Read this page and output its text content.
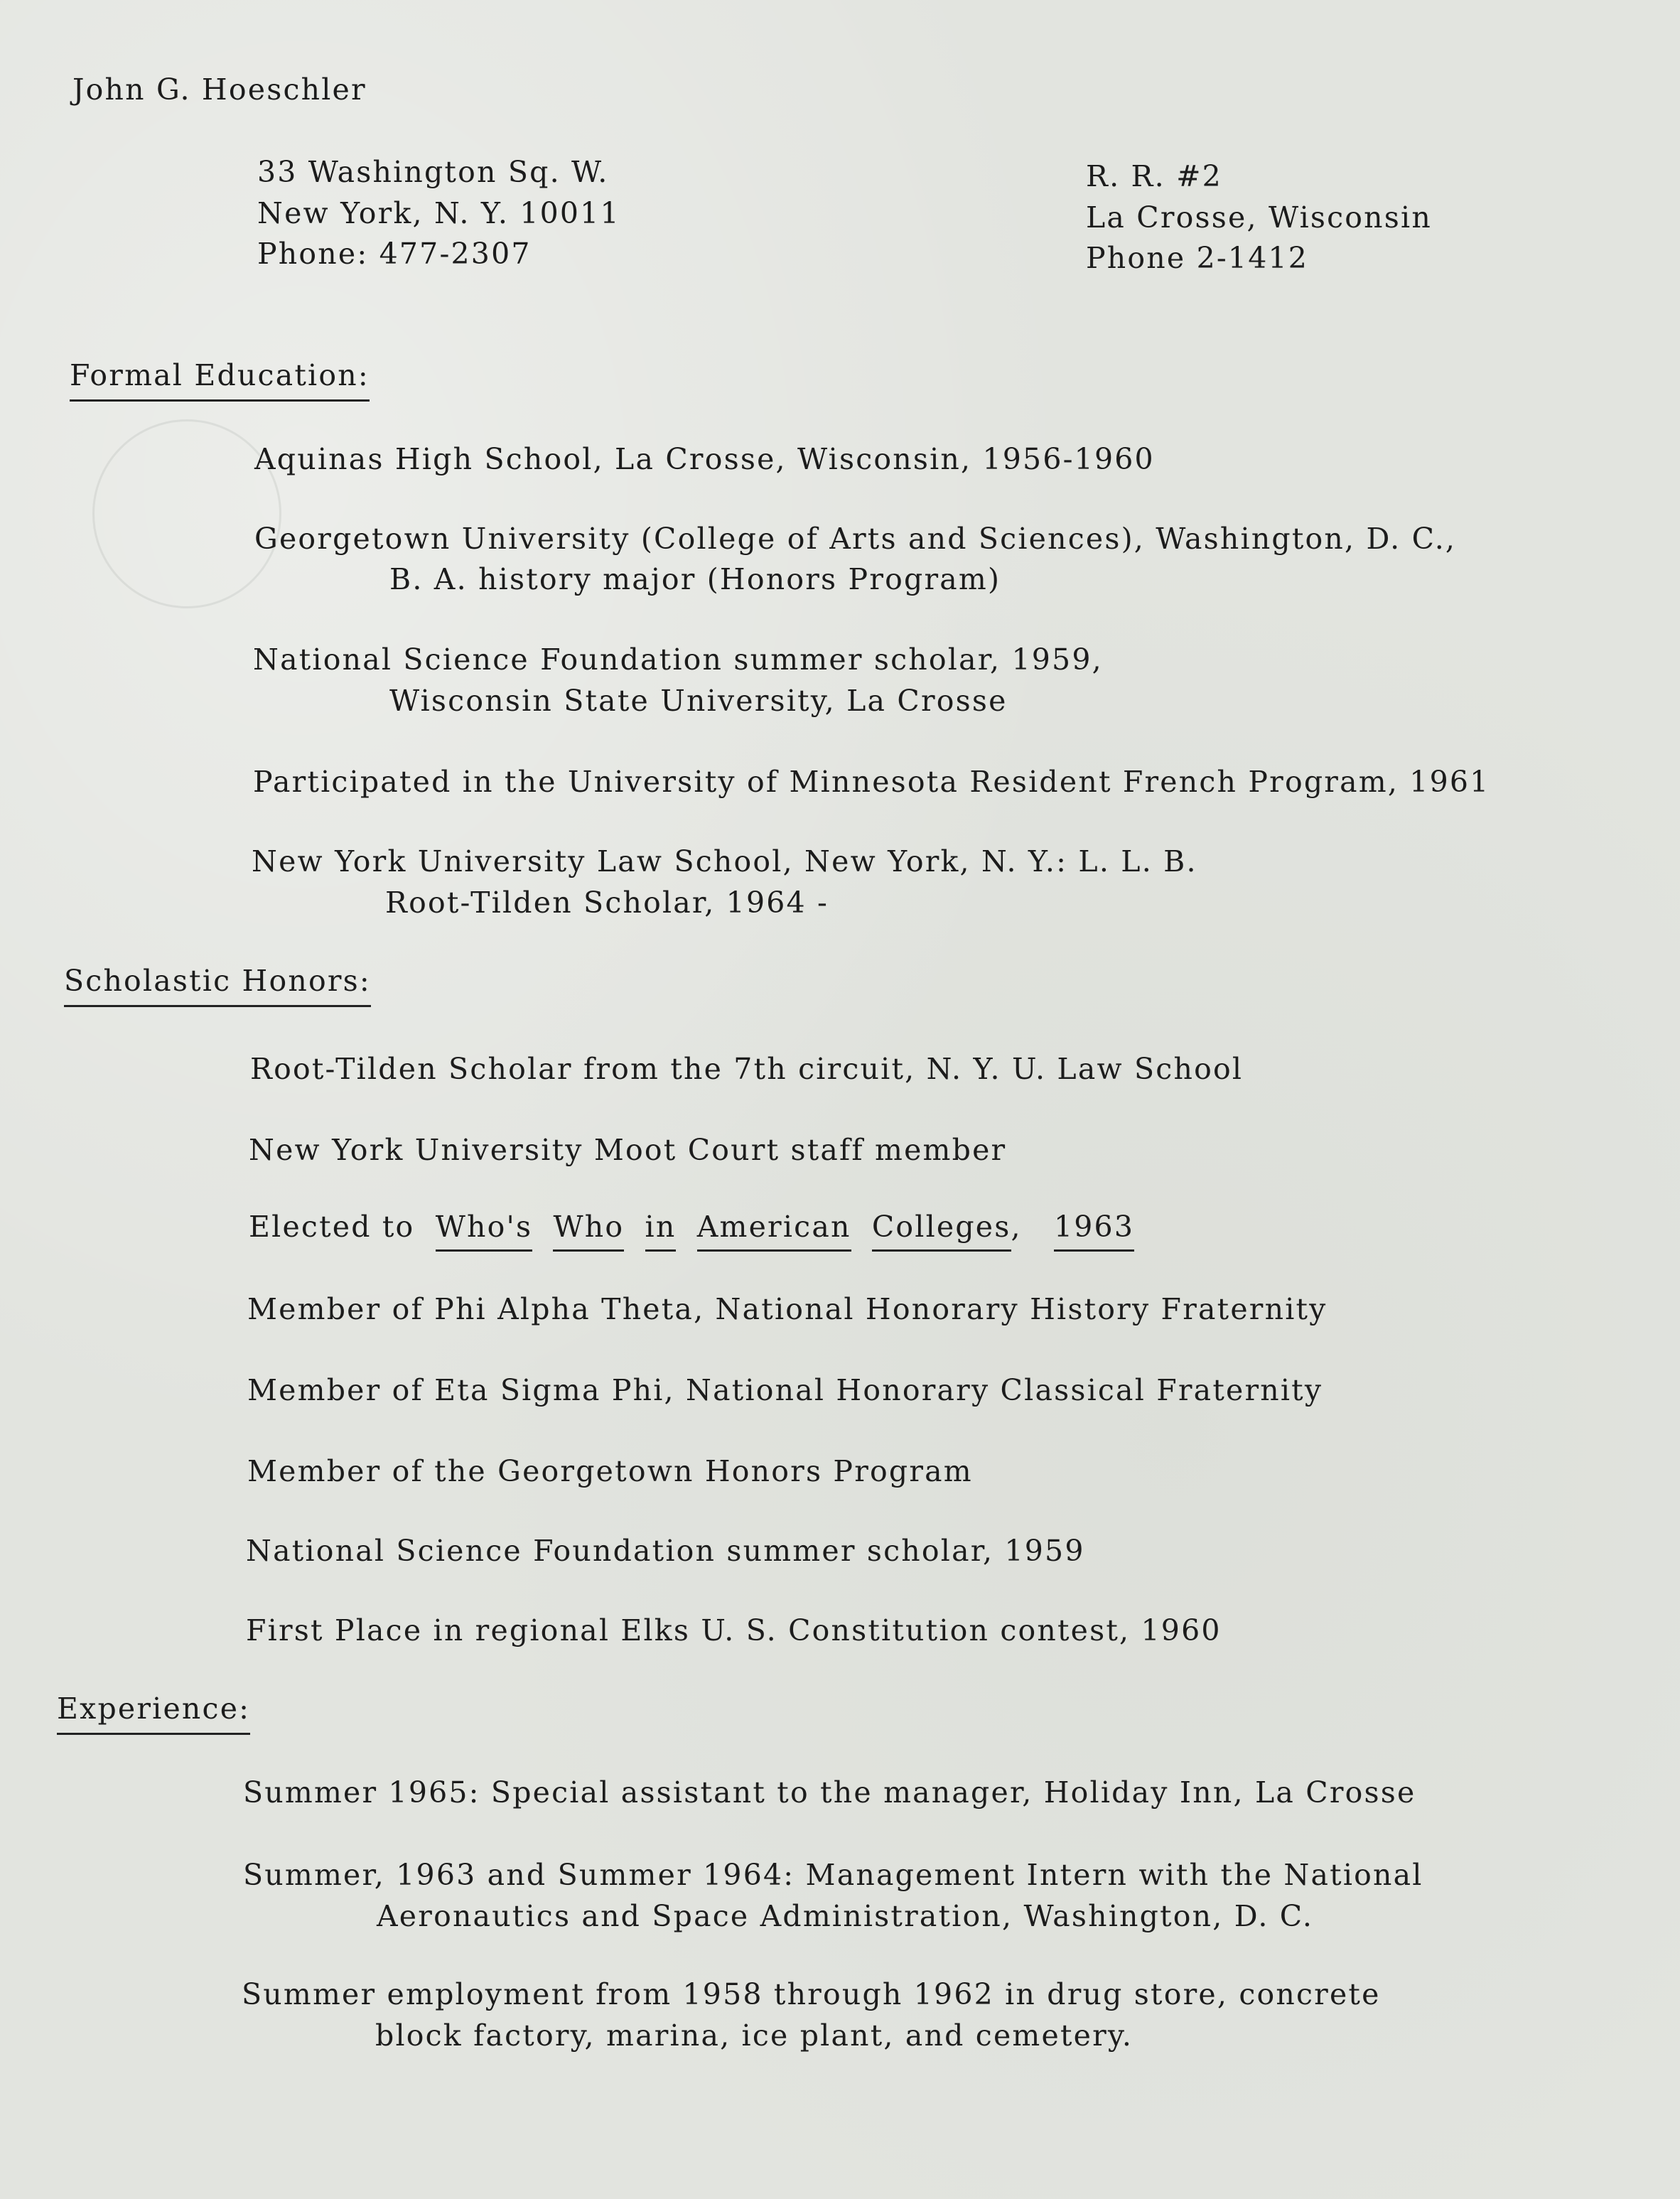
John G. Hoeschler
33 Washington Sq. W.
New York, N. Y. 10011
Phone: 477-2307
R. R. #2
La Crosse, Wisconsin
Phone 2-1412
Formal Education:
Aquinas High School, La Crosse, Wisconsin, 1956-1960
Georgetown University (College of Arts and Sciences), Washington, D. C.,
B. A. history major (Honors Program)
National Science Foundation summer scholar, 1959,
Wisconsin State University, La Crosse
Participated in the University of Minnesota Resident French Program, 1961
New York University Law School, New York, N. Y.: L. L. B.
Root-Tilden Scholar, 1964 -
Scholastic Honors:
Root-Tilden Scholar from the 7th circuit, N. Y. U. Law School
New York University Moot Court staff member
Elected to Who's Who in American Colleges, 1963
Member of Phi Alpha Theta, National Honorary History Fraternity
Member of Eta Sigma Phi, National Honorary Classical Fraternity
Member of the Georgetown Honors Program
National Science Foundation summer scholar, 1959
First Place in regional Elks U. S. Constitution contest, 1960
Experience:
Summer 1965: Special assistant to the manager, Holiday Inn, La Crosse
Summer, 1963 and Summer 1964: Management Intern with the National
Aeronautics and Space Administration, Washington, D. C.
Summer employment from 1958 through 1962 in drug store, concrete
block factory, marina, ice plant, and cemetery.
